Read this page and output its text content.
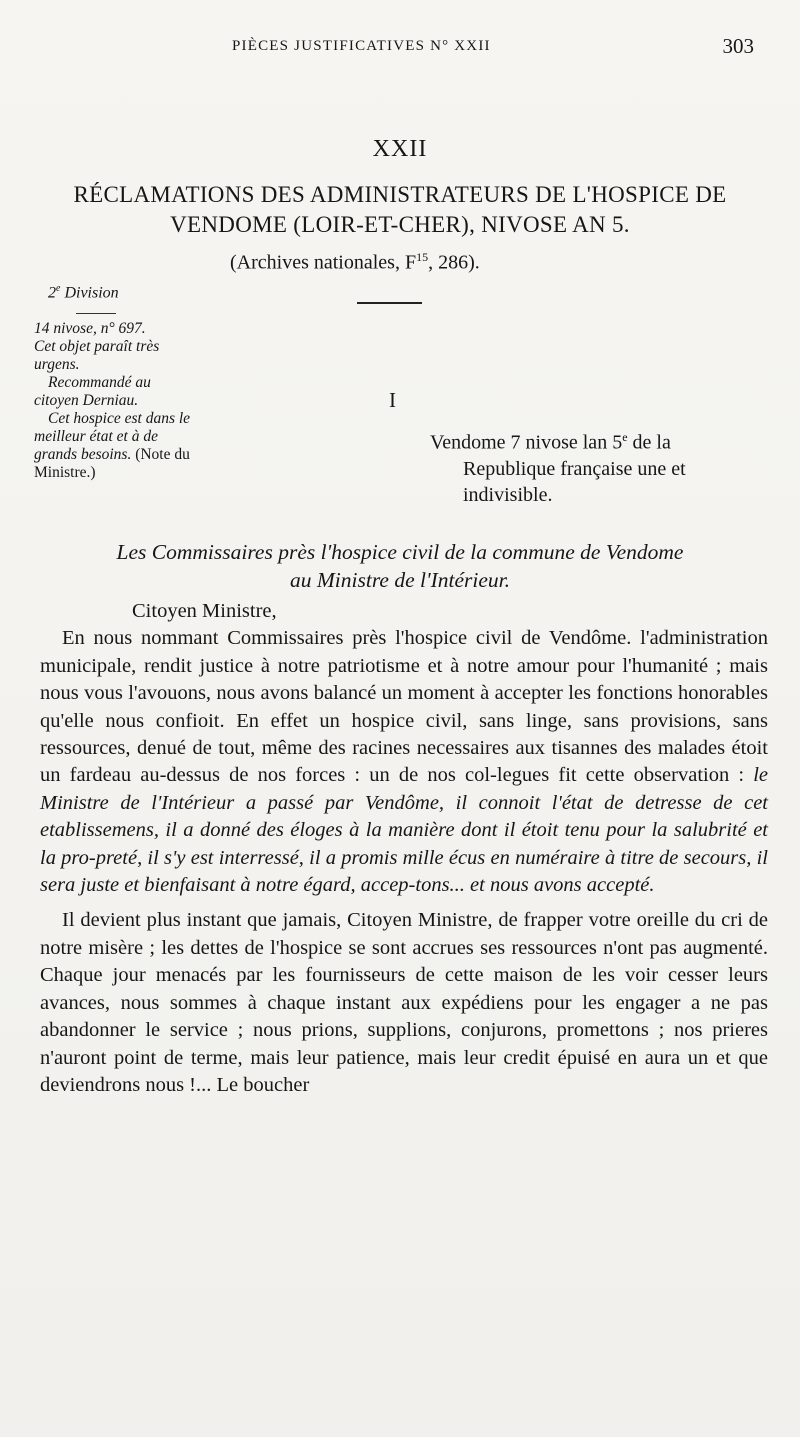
PIÈCES JUSTIFICATIVES N° XXII	303
XXII
RÉCLAMATIONS DES ADMINISTRATEURS DE L'HOSPICE DE
VENDOME (LOIR-ET-CHER), NIVOSE AN 5.
(Archives nationales, $F^{15}$, 286).
2e Division

14 nivose, n° 697.

Cet objet paraît très urgens.

Recommandé au citoyen Derniau.

Cet hospice est dans le meilleur état et à de grands besoins. (Note du Ministre.)

I

Vendome 7 nivose lan 5e de la

Republique française une et

indivisible.

Les Commissaires près l'hospice civil de la commune de Vendome

au Ministre de l'Intérieur.

Citoyen Ministre,

En nous nommant Commissaires près l'hospice civil de Vendôme. l'administration municipale, rendit justice à notre patriotisme et à notre amour pour l'humanité ; mais nous vous l'avouons, nous avons balancé un moment à accepter les fonctions honorables qu'elle nous confioit. En effet un hospice civil, sans linge, sans provisions, sans ressources, denué de tout, même des racines necessaires aux tisannes des malades étoit un fardeau au-dessus de nos forces : un de nos col-legues fit cette observation : le Ministre de l'Intérieur a passé par Vendôme, il connoit l'état de detresse de cet etablissemens, il a donné des éloges à la manière dont il étoit tenu pour la salubrité et la pro-preté, il s'y est interressé, il a promis mille écus en numéraire à titre de secours, il sera juste et bienfaisant à notre égard, accep-tons... et nous avons accepté.

Il devient plus instant que jamais, Citoyen Ministre, de frapper votre oreille du cri de notre misère ; les dettes de l'hospice se sont accrues ses ressources n'ont pas augmenté. Chaque jour menacés par les fournisseurs de cette maison de les voir cesser leurs avances, nous sommes à chaque instant aux expédiens pour les engager a ne pas abandonner le service ; nous prions, supplions, conjurons, promettons ; nos prieres n'auront point de terme, mais leur patience, mais leur credit épuisé en aura un et que deviendrons nous !... Le boucher
